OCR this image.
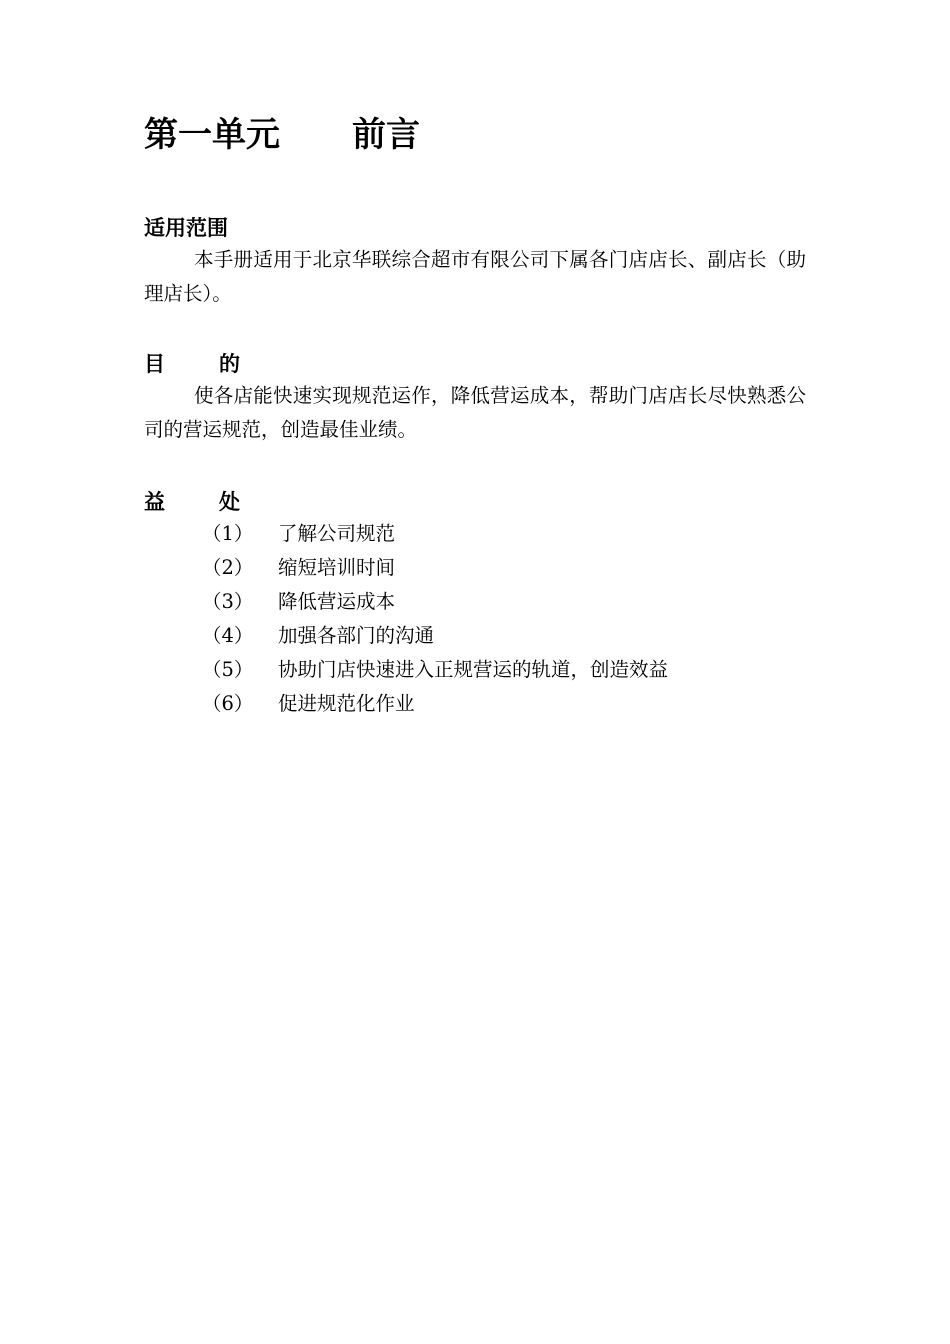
第一单元 前言
适用范围

本手册适用于北京华联综合超市有限公司下属各门店店长、副店长（助理店长）。

目	的

使各店能快速实现规范运作，降低营运成本，帮助门店店长尽快熟悉公司的营运规范，创造最佳业绩。

益	处
（1）	了解公司规范
（2）	缩短培训时间
（3）	降低营运成本
（4）	加强各部门的沟通
（5）	协助门店快速进入正规营运的轨道，创造效益
（6）	促进规范化作业
